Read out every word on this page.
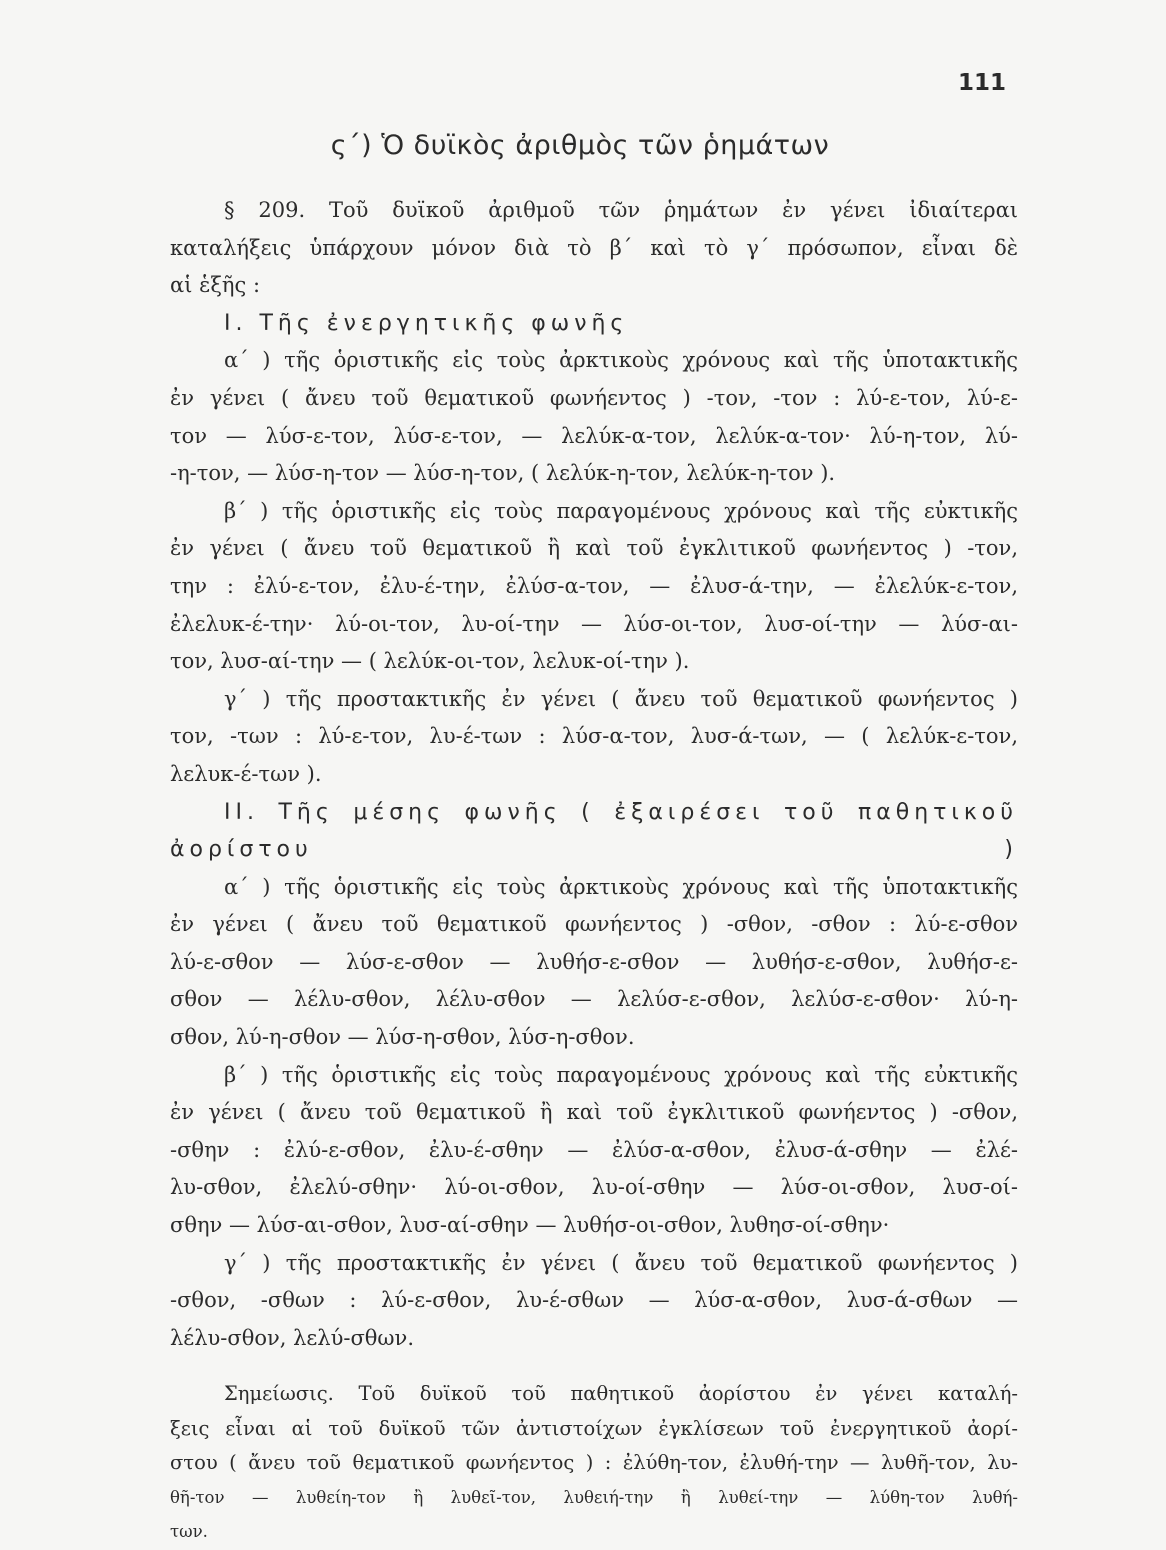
111
ς΄) Ὁ δυϊκὸς ἀριθμὸς τῶν ῥημάτων

§ 209. Τοῦ δυϊκοῦ ἀριθμοῦ τῶν ῥημάτων ἐν γένει ἰδιαίτεραι

καταλήξεις ὑπάρχουν μόνον διὰ τὸ β΄ καὶ τὸ γ΄ πρόσωπον, εἶναι δὲ

αἱ ἑξῆς :

Ι. Τῆς ἐνεργητικῆς φωνῆς

α΄ ) τῆς ὁριστικῆς εἰς τοὺς ἀρκτικοὺς χρόνους καὶ τῆς ὑποτακτικῆς

ἐν γένει ( ἄνευ τοῦ θεματικοῦ φωνήεντος ) -τον, -τον : λύ-ε-τον, λύ-ε-

τον — λύσ-ε-τον, λύσ-ε-τον, — λελύκ-α-τον, λελύκ-α-τον· λύ-η-τον, λύ-

-η-τον, — λύσ-η-τον — λύσ-η-τον, ( λελύκ-η-τον, λελύκ-η-τον ).

β΄ ) τῆς ὁριστικῆς εἰς τοὺς παραγομένους χρόνους καὶ τῆς εὐκτικῆς

ἐν γένει ( ἄνευ τοῦ θεματικοῦ ἢ καὶ τοῦ ἐγκλιτικοῦ φωνήεντος ) -τον,

την : ἐλύ-ε-τον, ἐλυ-έ-την, ἐλύσ-α-τον, — ἐλυσ-ά-την, — ἐλελύκ-ε-τον,

ἐλελυκ-έ-την· λύ-οι-τον, λυ-οί-την — λύσ-οι-τον, λυσ-οί-την — λύσ-αι-

τον, λυσ-αί-την — ( λελύκ-οι-τον, λελυκ-οί-την ).

γ΄ ) τῆς προστακτικῆς ἐν γένει ( ἄνευ τοῦ θεματικοῦ φωνήεντος )

τον, -των : λύ-ε-τον, λυ-έ-των : λύσ-α-τον, λυσ-ά-των, — ( λελύκ-ε-τον,

λελυκ-έ-των ).

ΙΙ. Τῆς μέσης φωνῆς ( ἐξαιρέσει τοῦ παθητικοῦ ἀορίστου )

α΄ ) τῆς ὁριστικῆς εἰς τοὺς ἀρκτικοὺς χρόνους καὶ τῆς ὑποτακτικῆς

ἐν γένει ( ἄνευ τοῦ θεματικοῦ φωνήεντος ) -σθον, -σθον : λύ-ε-σθον

λύ-ε-σθον — λύσ-ε-σθον — λυθήσ-ε-σθον — λυθήσ-ε-σθον, λυθήσ-ε-

σθον — λέλυ-σθον, λέλυ-σθον — λελύσ-ε-σθον, λελύσ-ε-σθον· λύ-η-

σθον, λύ-η-σθον — λύσ-η-σθον, λύσ-η-σθον.

β΄ ) τῆς ὁριστικῆς εἰς τοὺς παραγομένους χρόνους καὶ τῆς εὐκτικῆς

ἐν γένει ( ἄνευ τοῦ θεματικοῦ ἢ καὶ τοῦ ἐγκλιτικοῦ φωνήεντος ) -σθον,

-σθην : ἐλύ-ε-σθον, ἐλυ-έ-σθην — ἐλύσ-α-σθον, ἐλυσ-ά-σθην — ἐλέ-

λυ-σθον, ἐλελύ-σθην· λύ-οι-σθον, λυ-οί-σθην — λύσ-οι-σθον, λυσ-οί-

σθην — λύσ-αι-σθον, λυσ-αί-σθην — λυθήσ-οι-σθον, λυθησ-οί-σθην·

γ΄ ) τῆς προστακτικῆς ἐν γένει ( ἄνευ τοῦ θεματικοῦ φωνήεντος )

-σθον, -σθων : λύ-ε-σθον, λυ-έ-σθων — λύσ-α-σθον, λυσ-ά-σθων —

λέλυ-σθον, λελύ-σθων.

Σημείωσις. Τοῦ δυϊκοῦ τοῦ παθητικοῦ ἀορίστου ἐν γένει καταλή-

ξεις εἶναι αἱ τοῦ δυϊκοῦ τῶν ἀντιστοίχων ἐγκλίσεων τοῦ ἐνεργητικοῦ ἀορί-

στου ( ἄνευ τοῦ θεματικοῦ φωνήεντος ) : ἐλύθη-τον, ἐλυθή-την — λυθῆ-τον, λυ-

θῆ-τον — λυθείη-τον ἢ λυθεῖ-τον, λυθειή-την ἢ λυθεί-την — λύθη-τον λυθή-

των.
